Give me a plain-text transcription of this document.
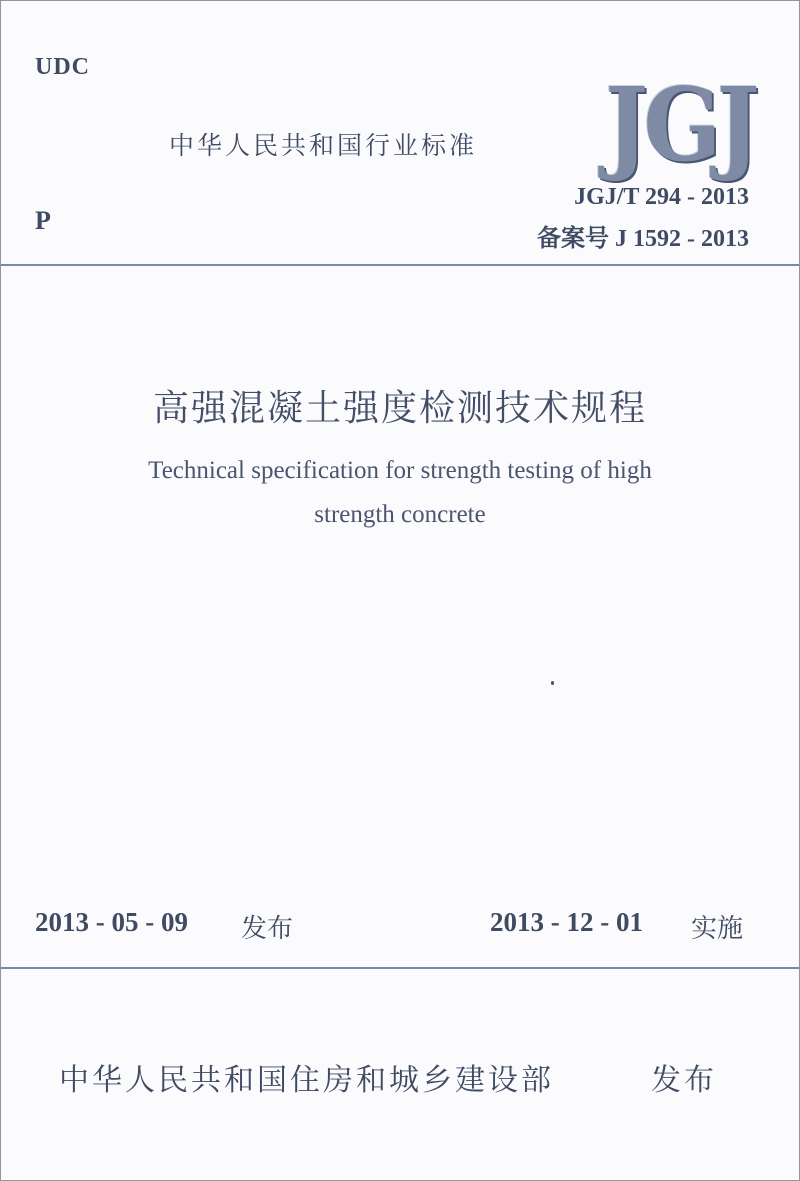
UDC
中华人民共和国行业标准 JGJ
P
JGJ/T 294 - 2013
备案号 J 1592 - 2013
高强混凝土强度检测技术规程
Technical specification for strength testing of high
strength concrete
2013 - 05 - 09 发布	2013 - 12 - 01 实施
中华人民共和国住房和城乡建设部	发布
